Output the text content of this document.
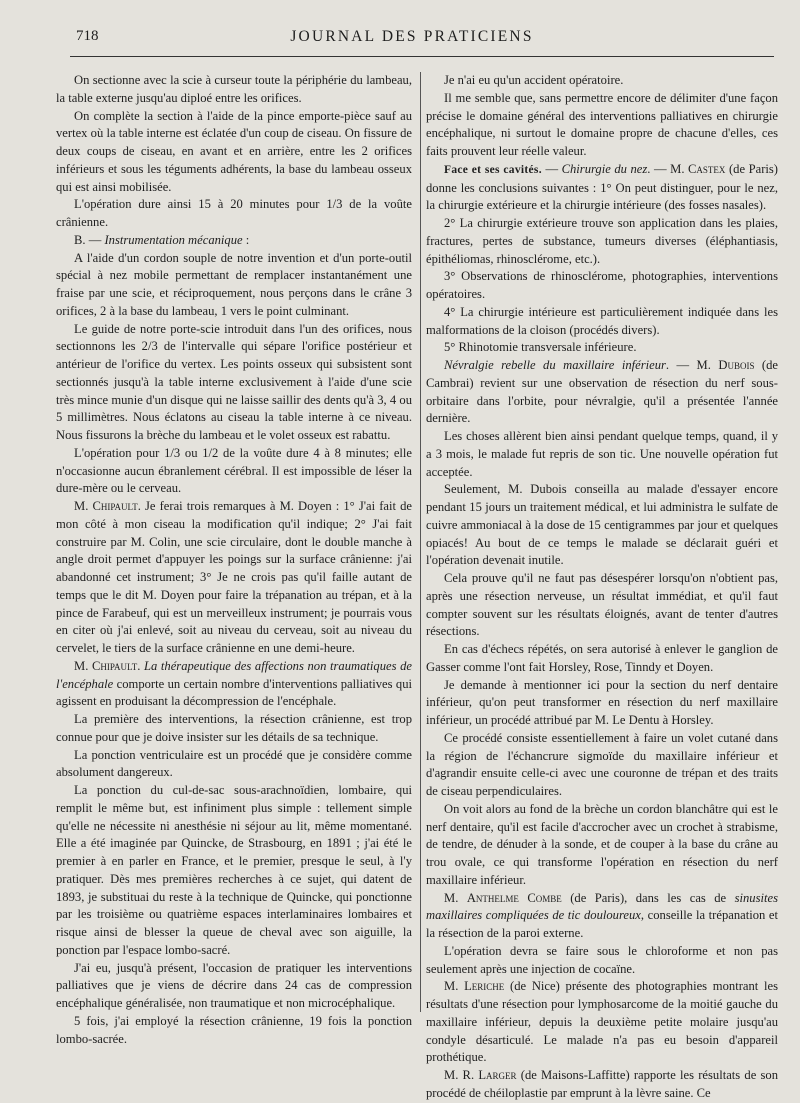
718	JOURNAL DES PRATICIENS

On sectionne avec la scie à curseur toute la périphérie du lambeau, la table externe jusqu'au diploé entre les orifices.

On complète la section à l'aide de la pince emporte-pièce sauf au vertex où la table interne est éclatée d'un coup de ciseau. On fissure de deux coups de ciseau, en avant et en arrière, entre les 2 orifices inférieurs et sous les téguments adhérents, la base du lambeau osseux qui est ainsi mobilisée.

L'opération dure ainsi 15 à 20 minutes pour 1/3 de la voûte crânienne.

B. — Instrumentation mécanique :

A l'aide d'un cordon souple de notre invention et d'un porte-outil spécial à nez mobile permettant de remplacer instantanément une fraise par une scie, et réciproquement, nous perçons dans le crâne 3 orifices, 2 à la base du lambeau, 1 vers le point culminant.

Le guide de notre porte-scie introduit dans l'un des orifices, nous sectionnons les 2/3 de l'intervalle qui sépare l'orifice postérieur et antérieur de l'orifice du vertex. Les points osseux qui subsistent sont sectionnés jusqu'à la table interne exclusivement à l'aide d'une scie très mince munie d'un disque qui ne laisse saillir des dents qu'à 3, 4 ou 5 millimètres. Nous éclatons au ciseau la table interne à ce niveau. Nous fissurons la brèche du lambeau et le volet osseux est rabattu.

L'opération pour 1/3 ou 1/2 de la voûte dure 4 à 8 minutes; elle n'occasionne aucun ébranlement cérébral. Il est impossible de léser la dure-mère ou le cerveau.

M. Chipault. Je ferai trois remarques à M. Doyen : 1° J'ai fait de mon côté à mon ciseau la modification qu'il indique; 2° J'ai fait construire par M. Colin, une scie circulaire, dont le double manche à angle droit permet d'appuyer les poings sur la surface crânienne: j'ai abandonné cet instrument; 3° Je ne crois pas qu'il faille autant de temps que le dit M. Doyen pour faire la trépanation au trépan, et à la pince de Farabeuf, qui est un merveilleux instrument; je pourrais vous en citer où j'ai enlevé, soit au niveau du cerveau, soit au niveau du cervelet, le tiers de la surface crânienne en une demi-heure.

M. Chipault. La thérapeutique des affections non traumatiques de l'encéphale comporte un certain nombre d'interventions palliatives qui agissent en produisant la décompression de l'encéphale.

La première des interventions, la résection crânienne, est trop connue pour que je doive insister sur les détails de sa technique.

La ponction ventriculaire est un procédé que je considère comme absolument dangereux.

La ponction du cul-de-sac sous-arachnoïdien, lombaire, qui remplit le même but, est infiniment plus simple : tellement simple qu'elle ne nécessite ni anesthésie ni séjour au lit, même momentané. Elle a été imaginée par Quincke, de Strasbourg, en 1891 ; j'ai été le premier à en parler en France, et le premier, presque le seul, à l'y pratiquer. Dès mes premières recherches à ce sujet, qui datent de 1893, je substituai du reste à la technique de Quincke, qui ponctionne par les troisième ou quatrième espaces interlaminaires lombaires et risque ainsi de blesser la queue de cheval avec son aiguille, la ponction par l'espace lombo-sacré.

J'ai eu, jusqu'à présent, l'occasion de pratiquer les interventions palliatives que je viens de décrire dans 24 cas de compression encéphalique généralisée, non traumatique et non microcéphalique.

5 fois, j'ai employé la résection crânienne, 19 fois la ponction lombo-sacrée.

Je n'ai eu qu'un accident opératoire.

Il me semble que, sans permettre encore de délimiter d'une façon précise le domaine général des interventions palliatives en chirurgie encéphalique, ni surtout le domaine propre de chacune d'elles, ces faits prouvent leur réelle valeur.

Face et ses cavités. — Chirurgie du nez. — M. Castex (de Paris) donne les conclusions suivantes : 1° On peut distinguer, pour le nez, la chirurgie extérieure et la chirurgie intérieure (des fosses nasales).

2° La chirurgie extérieure trouve son application dans les plaies, fractures, pertes de substance, tumeurs diverses (éléphantiasis, épithéliomas, rhinosclérome, etc.).

3° Observations de rhinosclérome, photographies, interventions opératoires.

4° La chirurgie intérieure est particulièrement indiquée dans les malformations de la cloison (procédés divers).

5° Rhinotomie transversale inférieure.

Névralgie rebelle du maxillaire inférieur. — M. Dubois (de Cambrai) revient sur une observation de résection du nerf sous-orbitaire dans l'orbite, pour névralgie, qu'il a présentée l'année dernière.

Les choses allèrent bien ainsi pendant quelque temps, quand, il y a 3 mois, le malade fut repris de son tic. Une nouvelle opération fut acceptée.

Seulement, M. Dubois conseilla au malade d'essayer encore pendant 15 jours un traitement médical, et lui administra le sulfate de cuivre ammoniacal à la dose de 15 centigrammes par jour et quelques opiacés! Au bout de ce temps le malade se déclarait guéri et l'opération devenait inutile.

Cela prouve qu'il ne faut pas désespérer lorsqu'on n'obtient pas, après une résection nerveuse, un résultat immédiat, et qu'il faut compter souvent sur les résultats éloignés, avant de tenter d'autres résections.

En cas d'échecs répétés, on sera autorisé à enlever le ganglion de Gasser comme l'ont fait Horsley, Rose, Tinndy et Doyen.

Je demande à mentionner ici pour la section du nerf dentaire inférieur, qu'on peut transformer en résection du nerf maxillaire inférieur, un procédé attribué par M. Le Dentu à Horsley.

Ce procédé consiste essentiellement à faire un volet cutané dans la région de l'échancrure sigmoïde du maxillaire inférieur et d'agrandir ensuite celle-ci avec une couronne de trépan et des traits de ciseau perpendiculaires.

On voit alors au fond de la brèche un cordon blanchâtre qui est le nerf dentaire, qu'il est facile d'accrocher avec un crochet à strabisme, de tendre, de dénuder à la sonde, et de couper à la base du crâne au trou ovale, ce qui transforme l'opération en résection du nerf maxillaire inférieur.

M. Anthelme Combe (de Paris), dans les cas de sinusites maxillaires compliquées de tic douloureux, conseille la trépanation et la résection de la paroi externe.

L'opération devra se faire sous le chloroforme et non pas seulement après une injection de cocaïne.

M. Leriche (de Nice) présente des photographies montrant les résultats d'une résection pour lymphosarcome de la moitié gauche du maxillaire inférieur, depuis la deuxième petite molaire jusqu'au condyle désarticulé. Le malade n'a pas eu besoin d'appareil prothétique.

M. R. Larger (de Maisons-Laffitte) rapporte les résultats de son procédé de chéiloplastie par emprunt à la lèvre saine. Ce
